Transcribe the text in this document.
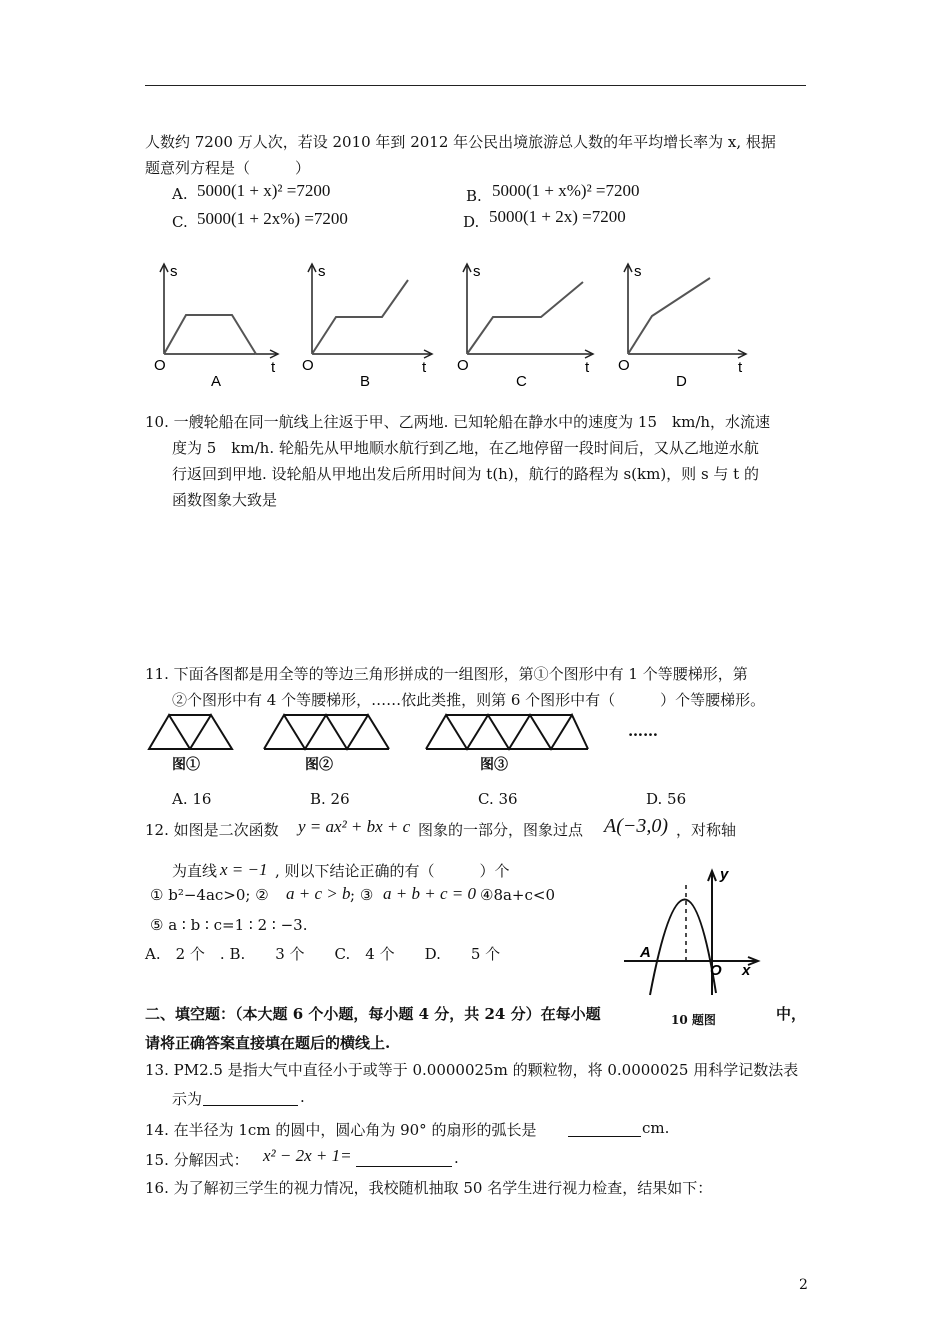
人数约 7200 万人次，若设 2010 年到 2012 年公民出境旅游总人数的年平均增长率为 x, 根据
题意列方程是（　　　）
A. 5000(1 + x)² =7200	B. 5000(1 + x%)² =7200
C. 5000(1 + 2x%) =7200	D. 5000(1 + 2x) =7200
s
O	t
A
s
O	t
B
s
O	t
C
s
O	t
D
10. 一艘轮船在同一航线上往返于甲、乙两地. 已知轮船在静水中的速度为 15　km/h，水流速
度为 5　km/h. 轮船先从甲地顺水航行到乙地，在乙地停留一段时间后，又从乙地逆水航
行返回到甲地. 设轮船从甲地出发后所用时间为 t(h)，航行的路程为 s(km)，则 s 与 t 的
函数图象大致是
11. 下面各图都是用全等的等边三角形拼成的一组图形，第①个图形中有 1 个等腰梯形，第
②个图形中有 4 个等腰梯形，……依此类推，则第 6 个图形中有（　　　）个等腰梯形。
图①	图②	图③
……
A. 16	B. 26	C. 36	D. 56
12. 如图是二次函数 y = ax² + bx + c 图象的一部分，图象过点 A(−3,0) ，对称轴
为直线 x = −1 , 则以下结论正确的有（　　　）个
① b²−4ac>0; ② a + c > b ; ③ a + b + c = 0 ④8a+c<0
⑤ a ∶ b ∶ c=1 ∶ 2 ∶ −3.
A.　2 个　. B.　　3 个　　C.　4 个　　D.　　5 个
y
x
O
A
10 题图
二、填空题：（本大题 6 个小题，每小题 4 分，共 24 分）在每小题	中，
请将正确答案直接填在题后的横线上.
13. PM2.5 是指大气中直径小于或等于 0.0000025m 的颗粒物，将 0.0000025 用科学记数法表
示为	.
14. 在半径为 1cm 的圆中，圆心角为 90° 的扇形的弧长是	cm.
15. 分解因式： x² − 2x + 1=	.
16. 为了解初三学生的视力情况，我校随机抽取 50 名学生进行视力检查，结果如下：
2
